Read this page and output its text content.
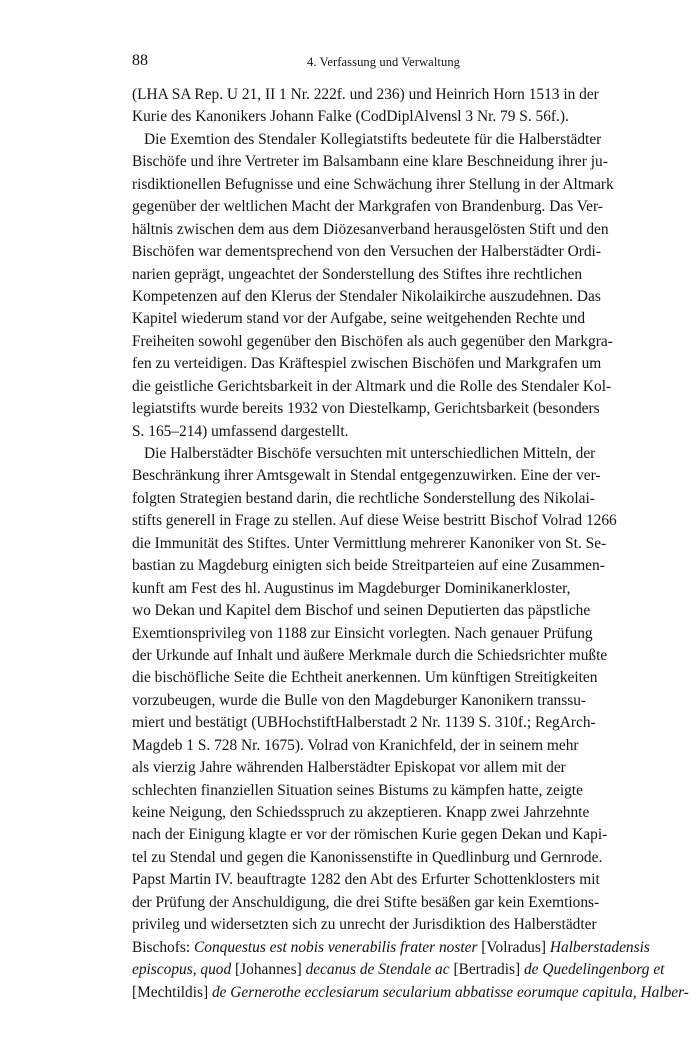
88	4. Verfassung und Verwaltung
(LHA SA Rep. U 21, II 1 Nr. 222f. und 236) und Heinrich Horn 1513 in der
Kurie des Kanonikers Johann Falke (CodDiplAlvensl 3 Nr. 79 S. 56f.).
Die Exemtion des Stendaler Kollegiatstifts bedeutete für die Halberstädter
Bischöfe und ihre Vertreter im Balsambann eine klare Beschneidung ihrer ju-
risdiktionellen Befugnisse und eine Schwächung ihrer Stellung in der Altmark
gegenüber der weltlichen Macht der Markgrafen von Brandenburg. Das Ver-
hältnis zwischen dem aus dem Diözesanverband herausgelösten Stift und den
Bischöfen war dementsprechend von den Versuchen der Halberstädter Ordi-
narien geprägt, ungeachtet der Sonderstellung des Stiftes ihre rechtlichen
Kompetenzen auf den Klerus der Stendaler Nikolaikirche auszudehnen. Das
Kapitel wiederum stand vor der Aufgabe, seine weitgehenden Rechte und
Freiheiten sowohl gegenüber den Bischöfen als auch gegenüber den Markgra-
fen zu verteidigen. Das Kräftespiel zwischen Bischöfen und Markgrafen um
die geistliche Gerichtsbarkeit in der Altmark und die Rolle des Stendaler Kol-
legiatstifts wurde bereits 1932 von Diestelkamp, Gerichtsbarkeit (besonders
S. 165–214) umfassend dargestellt.
Die Halberstädter Bischöfe versuchten mit unterschiedlichen Mitteln, der
Beschränkung ihrer Amtsgewalt in Stendal entgegenzuwirken. Eine der ver-
folgten Strategien bestand darin, die rechtliche Sonderstellung des Nikolai-
stifts generell in Frage zu stellen. Auf diese Weise bestritt Bischof Volrad 1266
die Immunität des Stiftes. Unter Vermittlung mehrerer Kanoniker von St. Se-
bastian zu Magdeburg einigten sich beide Streitparteien auf eine Zusammen-
kunft am Fest des hl. Augustinus im Magdeburger Dominikanerkloster,
wo Dekan und Kapitel dem Bischof und seinen Deputierten das päpstliche
Exemtionsprivileg von 1188 zur Einsicht vorlegten. Nach genauer Prüfung
der Urkunde auf Inhalt und äußere Merkmale durch die Schiedsrichter mußte
die bischöfliche Seite die Echtheit anerkennen. Um künftigen Streitigkeiten
vorzubeugen, wurde die Bulle von den Magdeburger Kanonikern transsu-
miert und bestätigt (UBHochstiftHalberstadt 2 Nr. 1139 S. 310f.; RegArch-
Magdeb 1 S. 728 Nr. 1675). Volrad von Kranichfeld, der in seinem mehr
als vierzig Jahre währenden Halberstädter Episkopat vor allem mit der
schlechten finanziellen Situation seines Bistums zu kämpfen hatte, zeigte
keine Neigung, den Schiedsspruch zu akzeptieren. Knapp zwei Jahrzehnte
nach der Einigung klagte er vor der römischen Kurie gegen Dekan und Kapi-
tel zu Stendal und gegen die Kanonissenstifte in Quedlinburg und Gernrode.
Papst Martin IV. beauftragte 1282 den Abt des Erfurter Schottenklosters mit
der Prüfung der Anschuldigung, die drei Stifte besäßen gar kein Exemtions-
privileg und widersetzten sich zu unrecht der Jurisdiktion des Halberstädter
Bischofs: Conquestus est nobis venerabilis frater noster [Volradus] Halberstadensis
episcopus, quod [Johannes] decanus de Stendale ac [Bertradis] de Quedelingenborg et
[Mechtildis] de Gernerothe ecclesiarum secularium abbatisse eorumque capitula, Halber-
